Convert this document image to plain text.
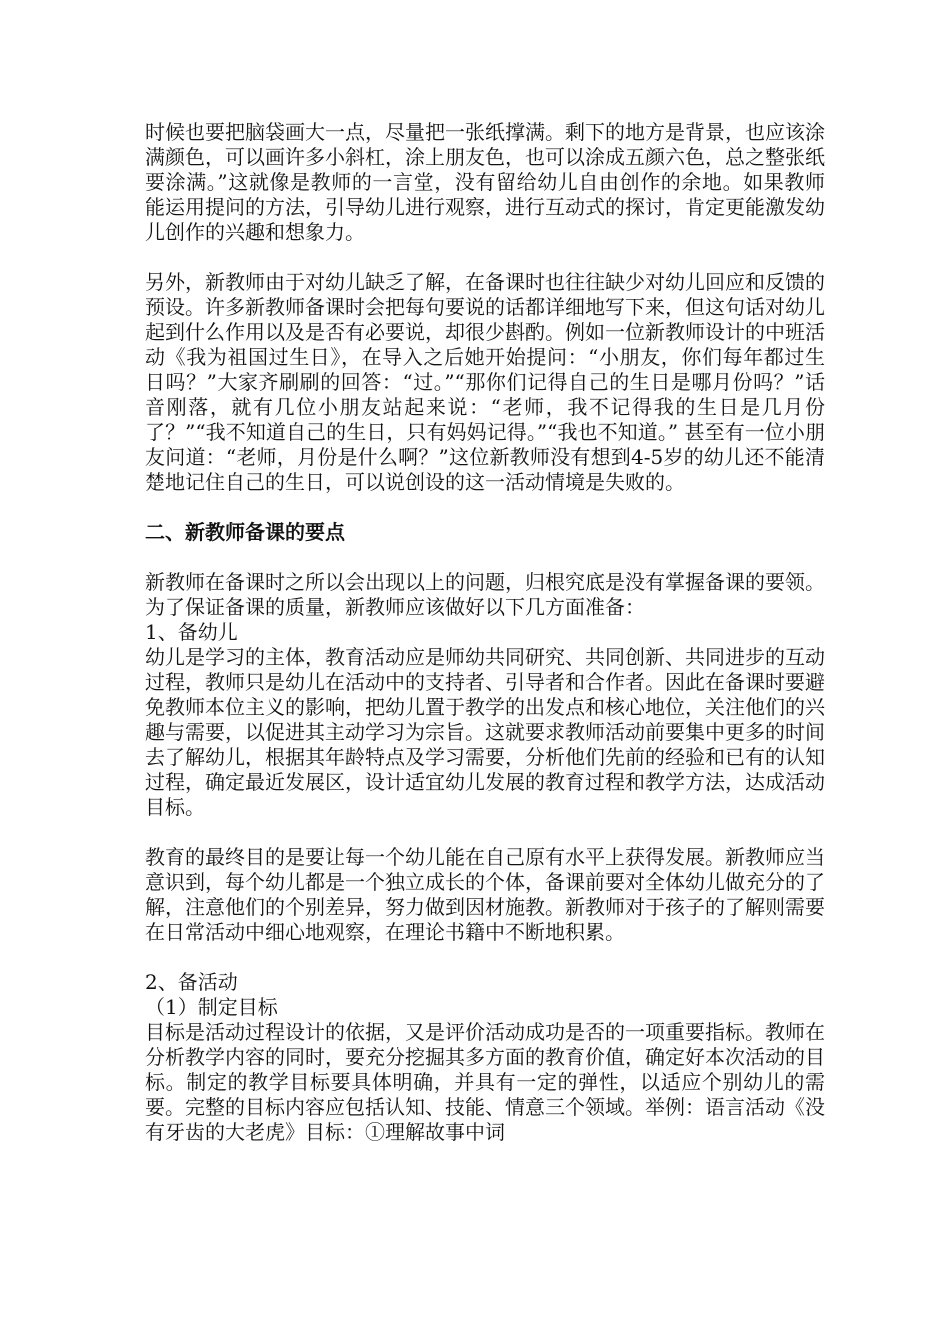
时候也要把脑袋画大一点，尽量把一张纸撑满。剩下的地方是背景，也应该涂满颜色，可以画许多小斜杠，涂上朋友色，也可以涂成五颜六色，总之整张纸要涂满。”这就像是教师的一言堂，没有留给幼儿自由创作的余地。如果教师能运用提问的方法，引导幼儿进行观察，进行互动式的探讨，肯定更能激发幼儿创作的兴趣和想象力。

另外，新教师由于对幼儿缺乏了解，在备课时也往往缺少对幼儿回应和反馈的预设。许多新教师备课时会把每句要说的话都详细地写下来，但这句话对幼儿起到什么作用以及是否有必要说，却很少斟酌。例如一位新教师设计的中班活动《我为祖国过生日》，在导入之后她开始提问：“小朋友，你们每年都过生日吗？”大家齐刷刷的回答：“过。”“那你们记得自己的生日是哪月份吗？”话音刚落，就有几位小朋友站起来说：“老师，我不记得我的生日是几月份了？”“我不知道自己的生日，只有妈妈记得。”“我也不知道。” 甚至有一位小朋友问道：“老师，月份是什么啊？”这位新教师没有想到4-5岁的幼儿还不能清楚地记住自己的生日，可以说创设的这一活动情境是失败的。

二、新教师备课的要点

新教师在备课时之所以会出现以上的问题，归根究底是没有掌握备课的要领。为了保证备课的质量，新教师应该做好以下几方面准备：

1、备幼儿

幼儿是学习的主体，教育活动应是师幼共同研究、共同创新、共同进步的互动过程，教师只是幼儿在活动中的支持者、引导者和合作者。因此在备课时要避免教师本位主义的影响，把幼儿置于教学的出发点和核心地位，关注他们的兴趣与需要，以促进其主动学习为宗旨。这就要求教师活动前要集中更多的时间去了解幼儿，根据其年龄特点及学习需要，分析他们先前的经验和已有的认知过程，确定最近发展区，设计适宜幼儿发展的教育过程和教学方法，达成活动目标。

教育的最终目的是要让每一个幼儿能在自己原有水平上获得发展。新教师应当意识到，每个幼儿都是一个独立成长的个体，备课前要对全体幼儿做充分的了解，注意他们的个别差异，努力做到因材施教。新教师对于孩子的了解则需要在日常活动中细心地观察，在理论书籍中不断地积累。

2、备活动
（1）制定目标

目标是活动过程设计的依据，又是评价活动成功是否的一项重要指标。教师在分析教学内容的同时，要充分挖掘其多方面的教育价值，确定好本次活动的目标。制定的教学目标要具体明确，并具有一定的弹性，以适应个别幼儿的需要。完整的目标内容应包括认知、技能、情意三个领域。举例：语言活动《没有牙齿的大老虎》目标：①理解故事中词
